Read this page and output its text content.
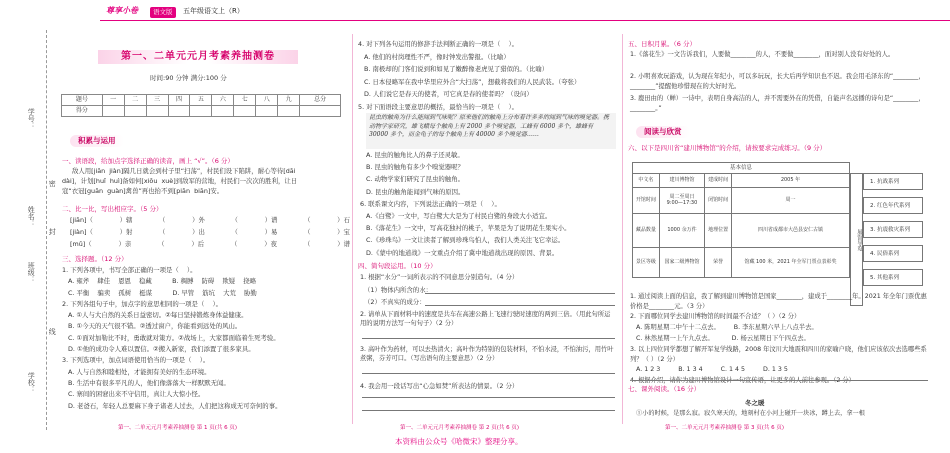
学号：
姓名：
班级：
学校：
密
封
线
尊享小卷	语文版	五年级语文上（R）
第一、二单元元月考素养抽测卷
时间:90 分钟 满分:100 分
题号	一	二	三	四	五	六	七	八	九	总分
得分										
积累与运用
一、读语段，给加点字选择正确的读音，画上 “√”。（6 分）
敌人用[jiān  jiàn]隔几日就会到村子里“扫荡”，村民们设下陷阱，耐心等待[dāi
dài]，计划[huǐ  huì]备如何[xiōu  xuè]到敌军的营地，村民们一次次的胜利，让日
寇“衣冠[guān  guàn]禽兽”再也抬不到[piān  biān]安。
二、比一比，写出相应字。（5 分）
[jiān]（	）辖	（	）外	（	）谱	（	）石
[jiàn]（	）射	（	）出	（	）易	（	）宝
[mǔ]（	）亲	（	）后	（	）夜	（	）谱
三、选择题。（12 分）
1. 下列各项中，书写全部正确的一项是（    ）。
A. 雍斧    肆佳    恩恩    稳藏          B. 稠膊    防碍    欺疑    挠略
C. 平衡    骗卖    孤树    梃谋          D. 早管    筋坑    大荒    胁勤
2. 下列各组句子中，加点字的意思相同的一项是（    ）。
A. ①人与大自然的关系日益密切。②每日坚持锻炼身体益健康。
B. ①今天的天气很不错。②透过窗户，你能看到远处的风山。
C. ①面对加勒比不时，勇敢就对策方。②战场上，大家都面临着生死考验。
D. ①他的成功令人难以置信。②搬入新家，我们添置了很多家具。
3. 下列选项中，加点词语使用恰当的一项是（    ）。
A. 人与自然和睦相处，才能拥有美好的生态环境。
B. 生活中有很多平凡的人，他们像落落大一样默默无闻。
C. 寨间的困窘出来不守信用，真让人大惊小怪。
D. 老爸石，年轻人总要麻下身子诸老人过去，人们把这称成无可奈何的事。
第一、二单元元月考素养抽测卷 第 1 页(共 6 页)
4. 对下列各句运用的修辞手法判断正确的一项是（    ）。
A. 他们的村岗理性不严，像时钟发出警报。（比喻）
B. 南极却的门客们说到和如见了嫩醉像老虎见了猎似的。（比喻）
C. 日本侵略军在我中华里应外合“大扫荡”，想截将我们的人民武装。（夸张）
D. 人们说它是春天的使者，可它真是春的使者吗？（设问）
5. 对下面语段主要意思的概括，最恰当的一项是（    ）。
昆虫的触角为什么能闻到气味呢？原来他们的触角上分布着许多多的闻到气味的嗅觉器。携动物学家研究，雄飞蛾每个触角上有 2000 多个嗅觉器，工蜂有 6000 多个，雄蜂有 30000 多个，而金龟子的每个触角上有 40000 多个嗅觉器……
A. 昆虫的触角比人的鼻子还灵敏。
B. 昆虫的触角有多少个嗅觉器呢？
C. 动物学家们研究了昆虫的触角。
D. 昆虫的触角能闻到气味的原因。
6. 联系课文内容，下列说法正确的一项是（    ）。
A.《白鹭》一文中，写白鹭大大是为了村民白鹭的身段大小适宜。
B.《落花生》一文中，写高花独衬的桃子，苹果是为了说明花生果实小。
C.《珍珠鸟》一文让读者了解到珍珠鸟怕人，我们人类关注飞它幸运。
D.《蒙中的地道战》一文重点介绍了冀中地道战出现的原因、背景。
四、简句段运用。（10 分）
1. 根据“水分”一词所表示的不同意思分别造句。（4 分）
（1）物体内所含的水：
（2）不真实的成分：
2. 请单从下面材料中的速度是共车在高速公路上飞速行驶时速度的两到三倍。（用此句所运用的说明方法写一句句子）（2 分）
3. 高叶作为药材，可以去热清火；高叶作为特别的包装材料，不怕水浸，不怕油污，用竹叶煮粥，芬芳可口。（写出语句的主要意思）（2 分）
4. 我会用一段话写出“心急如焚”所表达的情景。（2 分）
第一、二单元元月考素养抽测卷 第 2 页(共 6 页)
五、日积月累。（6 分）
1.《落花生》一文告诉我们，人要做________的人，不要做________，面对别人没有好处的人。
2. 小明喜欢玩游戏，认为现在年纪小，可以多玩玩，长大后再学知识也不迟。我会用毛泽东的“________，________”提醒他珍惜现在的大好时光。
3. 鹿田由的（蝉）一诗中，表明自身高洁的人，并不需要外在的凭借，自能声名远播的诗句是“________，________。”
阅读与欣赏
六、以下是四川省“建川博物馆”的介绍，请按要求完成练习。（9 分）
基本信息
中文名	建川博物馆	建成时间	2005 年
开馆时间	周二至周日
9:00—17:30	闭馆时间	周一
藏品数量	1000 余万件	地理位置	四川省成都市大邑县安仁古镇
景区等级	国家二级博物馆	荣誉	馆藏 100 米，2021 年全军门票点表彰奖
展馆导览
1. 抗战系列
2. 红色年代系列
3. 抗震救灾系列
4. 民俗系列
5. 其他系列
1. 通过阅读上面的信息，我了解到建川博物馆是国家________，建成于________年。2021 年全年门票优惠价格是________元。（3 分）
2. 下面哪位同学去建川博物馆的时间最不合适？（ ）（2 分）
A. 陈明星期二中午十二点去。       B. 李东星期六早上八点半去。
C. 林然星期一上午九点去。         D. 杨云星期日下午四点去。
3. 以上四位同学都想了解开军复学线路，2008 年汶川大地震和四川的家喻户晓，他们应该依次去选哪些系列？（ ）（2 分）
A. 1 2 3         B. 1 3 4         C. 1 4 5         D. 1 3 5
4. 根据介绍，请你为建川博物馆设计一句宣传语，让更多的人前往参观。（2 分）
七、课外阅读。（16 分）
冬之暖
①小的时候，是那么寂。寂久寒天的，地刻村在小河上碰开一块冰，蹲上去，拿一根
第一、二单元元月考素养抽测卷 第 3 页(共 6 页)
本资料由公众号《哈微宋》整理分享。
